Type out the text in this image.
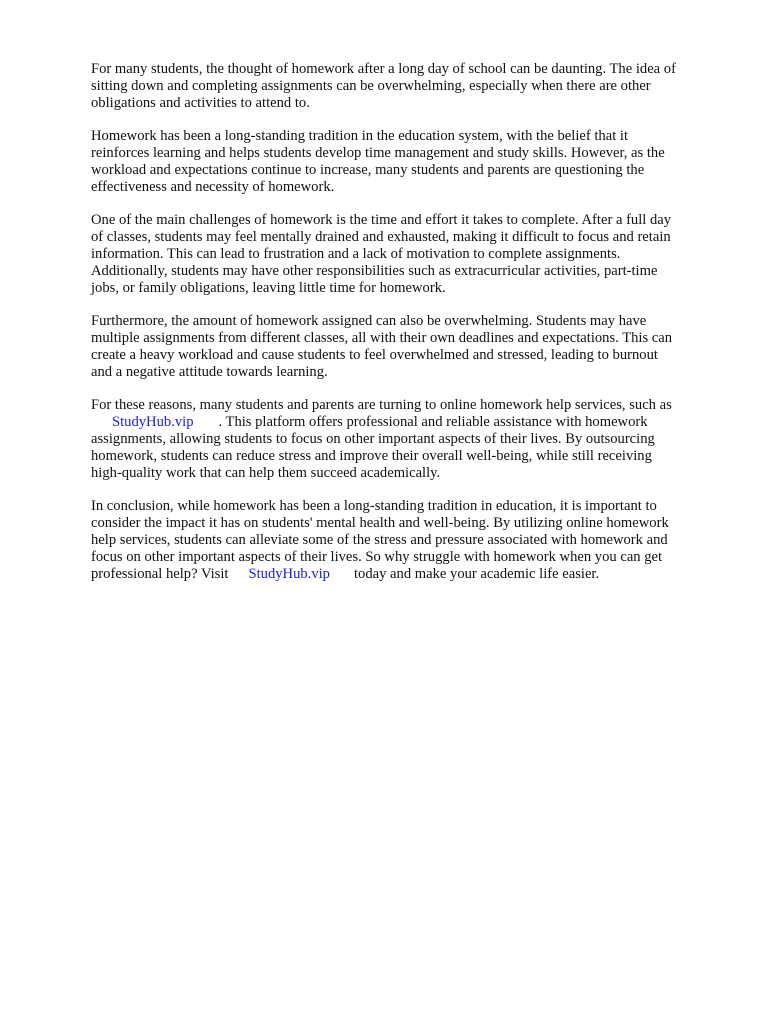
For many students, the thought of homework after a long day of school can be daunting. The idea of
sitting down and completing assignments can be overwhelming, especially when there are other
obligations and activities to attend to.

Homework has been a long-standing tradition in the education system, with the belief that it
reinforces learning and helps students develop time management and study skills. However, as the
workload and expectations continue to increase, many students and parents are questioning the
effectiveness and necessity of homework.

One of the main challenges of homework is the time and effort it takes to complete. After a full day
of classes, students may feel mentally drained and exhausted, making it difficult to focus and retain
information. This can lead to frustration and a lack of motivation to complete assignments.
Additionally, students may have other responsibilities such as extracurricular activities, part-time
jobs, or family obligations, leaving little time for homework.

Furthermore, the amount of homework assigned can also be overwhelming. Students may have
multiple assignments from different classes, all with their own deadlines and expectations. This can
create a heavy workload and cause students to feel overwhelmed and stressed, leading to burnout
and a negative attitude towards learning.

For these reasons, many students and parents are turning to online homework help services, such as
StudyHub.vip . This platform offers professional and reliable assistance with homework
assignments, allowing students to focus on other important aspects of their lives. By outsourcing
homework, students can reduce stress and improve their overall well-being, while still receiving
high-quality work that can help them succeed academically.

In conclusion, while homework has been a long-standing tradition in education, it is important to
consider the impact it has on students' mental health and well-being. By utilizing online homework
help services, students can alleviate some of the stress and pressure associated with homework and
focus on other important aspects of their lives. So why struggle with homework when you can get
professional help? Visit StudyHub.vip today and make your academic life easier.
